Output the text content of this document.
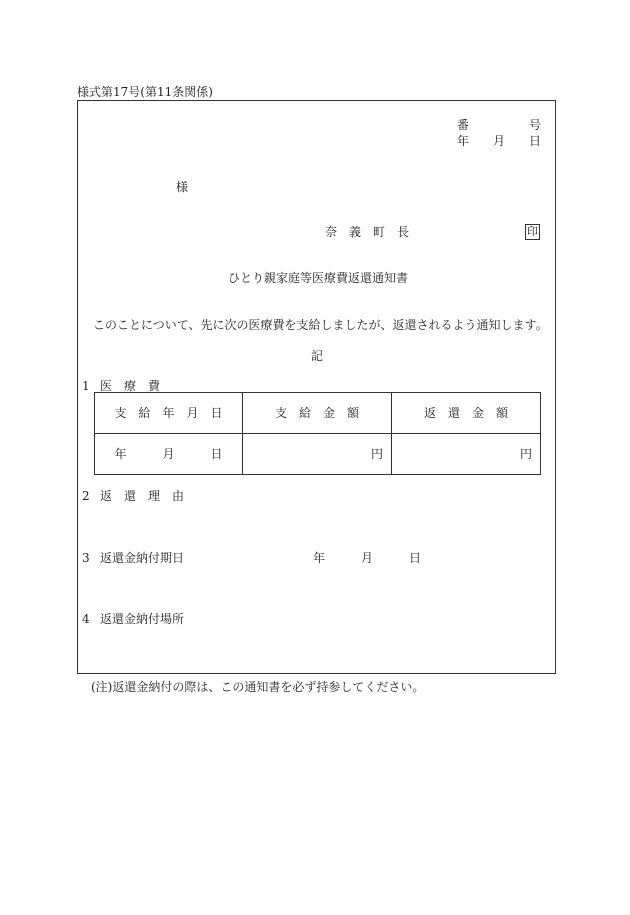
様式第17号(第11条関係)
番	号
年 月 日
様
奈　義　町　長	印
ひとり親家庭等医療費返還通知書
このことについて、先に次の医療費を支給しましたが、返還されるよう通知します。
記
1 医　療　費
支　給　年　月　日	支　給　金　額	返　還　金　額
年　　　月　　　日	円	円
2 返　還　理　由
3 返還金納付期日	年　　　月　　　日
4 返還金納付場所
(注)返還金納付の際は、この通知書を必ず持参してください。
